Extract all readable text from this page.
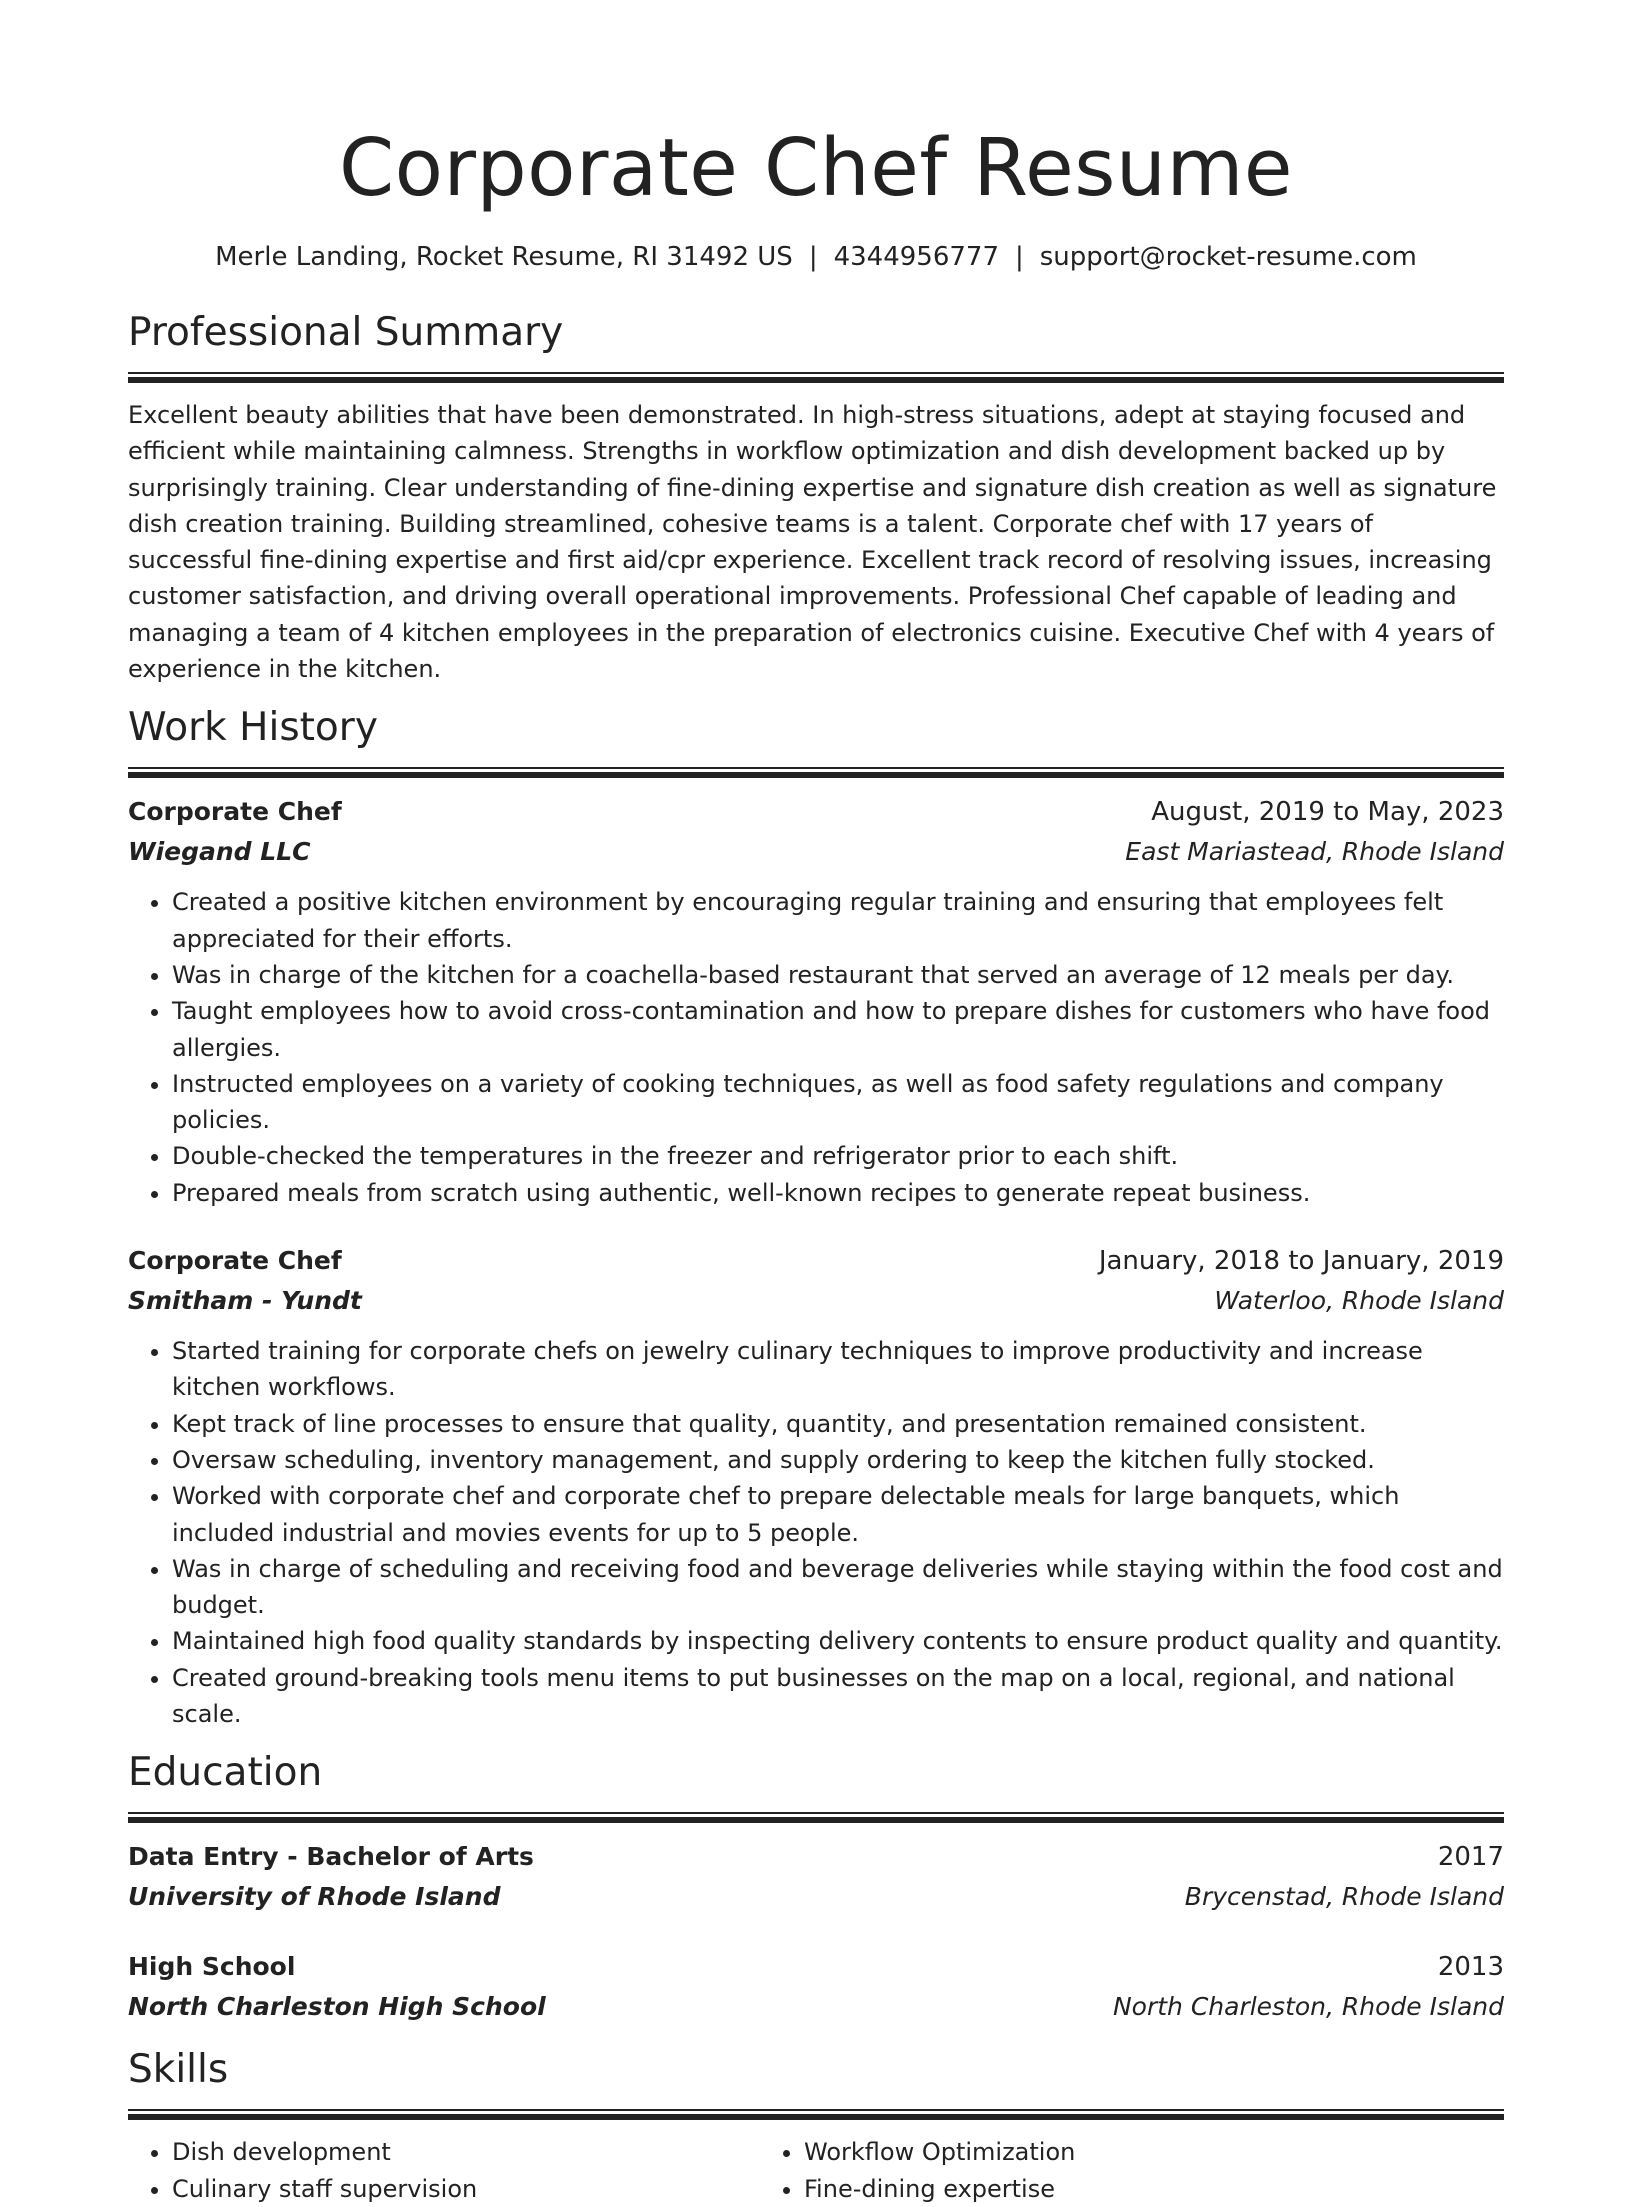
Corporate Chef Resume
Merle Landing, Rocket Resume, RI 31492 US | 4344956777 | support@rocket-resume.com
Professional Summary

Excellent beauty abilities that have been demonstrated. In high-stress situations, adept at staying focused and efficient while maintaining calmness. Strengths in workflow optimization and dish development backed up by surprisingly training. Clear understanding of fine-dining expertise and signature dish creation as well as signature dish creation training. Building streamlined, cohesive teams is a talent. Corporate chef with 17 years of successful fine-dining expertise and first aid/cpr experience. Excellent track record of resolving issues, increasing customer satisfaction, and driving overall operational improvements. Professional Chef capable of leading and managing a team of 4 kitchen employees in the preparation of electronics cuisine. Executive Chef with 4 years of experience in the kitchen.

Work History
Corporate Chef	August, 2019 to May, 2023
Wiegand LLC	East Mariastead, Rhode Island
• Created a positive kitchen environment by encouraging regular training and ensuring that employees felt appreciated for their efforts.
• Was in charge of the kitchen for a coachella-based restaurant that served an average of 12 meals per day.
• Taught employees how to avoid cross-contamination and how to prepare dishes for customers who have food allergies.
• Instructed employees on a variety of cooking techniques, as well as food safety regulations and company policies.
• Double-checked the temperatures in the freezer and refrigerator prior to each shift.
• Prepared meals from scratch using authentic, well-known recipes to generate repeat business.
Corporate Chef	January, 2018 to January, 2019
Smitham - Yundt	Waterloo, Rhode Island
• Started training for corporate chefs on jewelry culinary techniques to improve productivity and increase kitchen workflows.
• Kept track of line processes to ensure that quality, quantity, and presentation remained consistent.
• Oversaw scheduling, inventory management, and supply ordering to keep the kitchen fully stocked.
• Worked with corporate chef and corporate chef to prepare delectable meals for large banquets, which included industrial and movies events for up to 5 people.
• Was in charge of scheduling and receiving food and beverage deliveries while staying within the food cost and budget.
• Maintained high food quality standards by inspecting delivery contents to ensure product quality and quantity.
• Created ground-breaking tools menu items to put businesses on the map on a local, regional, and national scale.
Education
Data Entry - Bachelor of Arts	2017
University of Rhode Island	Brycenstad, Rhode Island
High School	2013
North Charleston High School	North Charleston, Rhode Island
Skills
• Dish development
• Culinary staff supervision
• Workflow Optimization
• Fine-dining expertise
